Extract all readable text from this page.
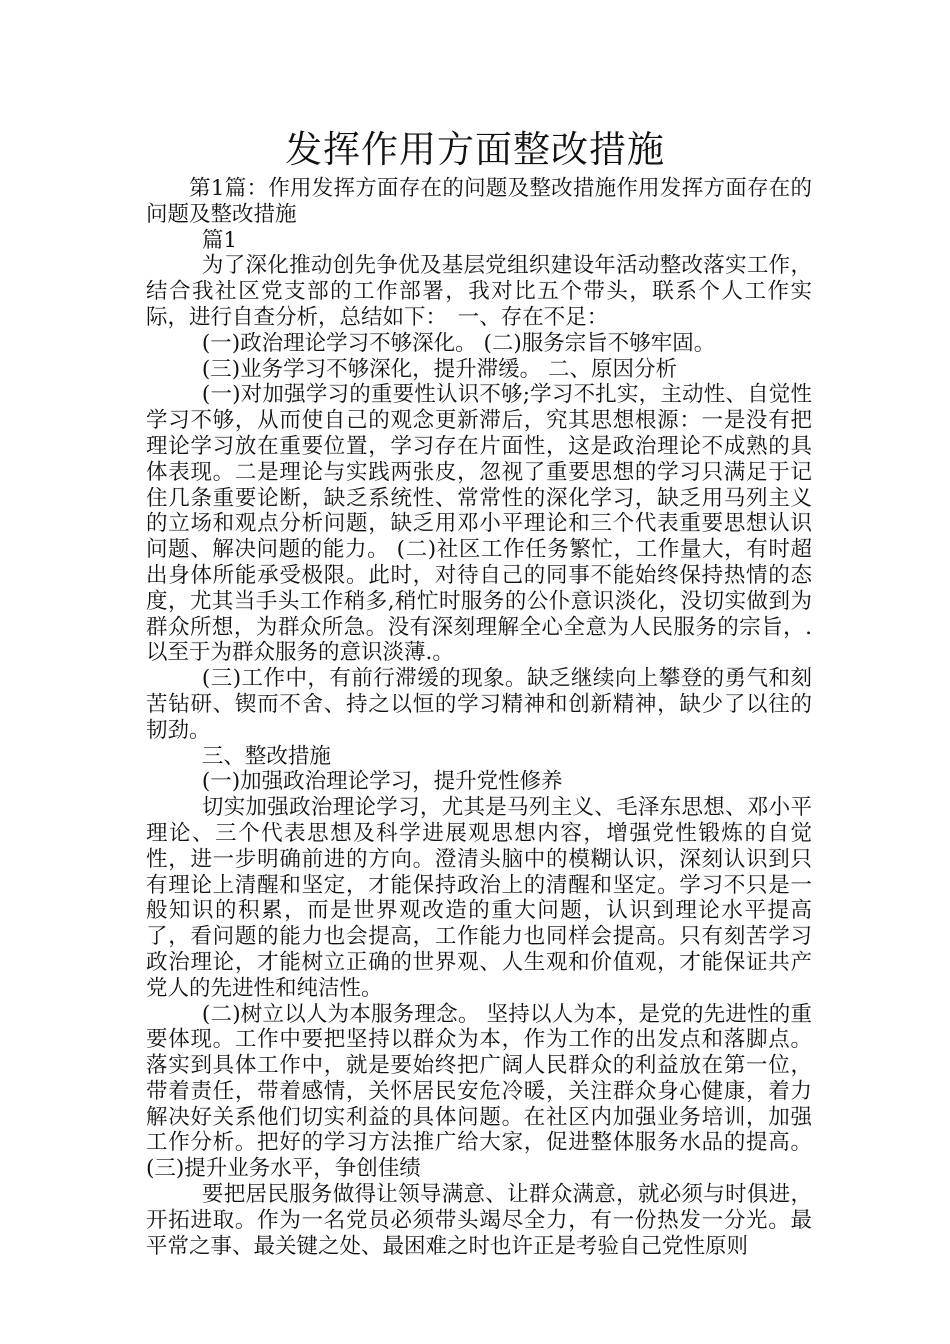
发挥作用方面整改措施

第1篇：作用发挥方面存在的问题及整改措施作用发挥方面存在的问题及整改措施

篇1

为了深化推动创先争优及基层党组织建设年活动整改落实工作，结合我社区党支部的工作部署，我对比五个带头，联系个人工作实际，进行自查分析，总结如下：　一、存在不足：

(一)政治理论学习不够深化。 (二)服务宗旨不够牢固。

(三)业务学习不够深化，提升滞缓。 二、原因分析

(一)对加强学习的重要性认识不够;学习不扎实，主动性、自觉性学习不够，从而使自己的观念更新滞后，究其思想根源：一是没有把理论学习放在重要位置，学习存在片面性，这是政治理论不成熟的具体表现。二是理论与实践两张皮，忽视了重要思想的学习只满足于记住几条重要论断，缺乏系统性、常常性的深化学习，缺乏用马列主义的立场和观点分析问题，缺乏用邓小平理论和三个代表重要思想认识问题、解决问题的能力。 (二)社区工作任务繁忙，工作量大，有时超出身体所能承受极限。此时，对待自己的同事不能始终保持热情的态度，尤其当手头工作稍多,稍忙时服务的公仆意识淡化，没切实做到为群众所想，为群众所急。没有深刻理解全心全意为人民服务的宗旨，.以至于为群众服务的意识淡薄.。

(三)工作中，有前行滞缓的现象。缺乏继续向上攀登的勇气和刻苦钻研、锲而不舍、持之以恒的学习精神和创新精神，缺少了以往的韧劲。

三、整改措施

(一)加强政治理论学习，提升党性修养

切实加强政治理论学习，尤其是马列主义、毛泽东思想、邓小平理论、三个代表思想及科学进展观思想内容，增强党性锻炼的自觉性，进一步明确前进的方向。澄清头脑中的模糊认识，深刻认识到只有理论上清醒和坚定，才能保持政治上的清醒和坚定。学习不只是一般知识的积累，而是世界观改造的重大问题，认识到理论水平提高了，看问题的能力也会提高，工作能力也同样会提高。只有刻苦学习政治理论，才能树立正确的世界观、人生观和价值观，才能保证共产党人的先进性和纯洁性。

(二)树立以人为本服务理念。 坚持以人为本，是党的先进性的重要体现。工作中要把坚持以群众为本，作为工作的出发点和落脚点。落实到具体工作中，就是要始终把广阔人民群众的利益放在第一位，带着责任，带着感情，关怀居民安危冷暖，关注群众身心健康，着力解决好关系他们切实利益的具体问题。在社区内加强业务培训，加强工作分析。把好的学习方法推广给大家，促进整体服务水品的提高。 (三)提升业务水平，争创佳绩

要把居民服务做得让领导满意、让群众满意，就必须与时俱进，开拓进取。作为一名党员必须带头竭尽全力，有一份热发一分光。最平常之事、最关键之处、最困难之时也许正是考验自己党性原则
